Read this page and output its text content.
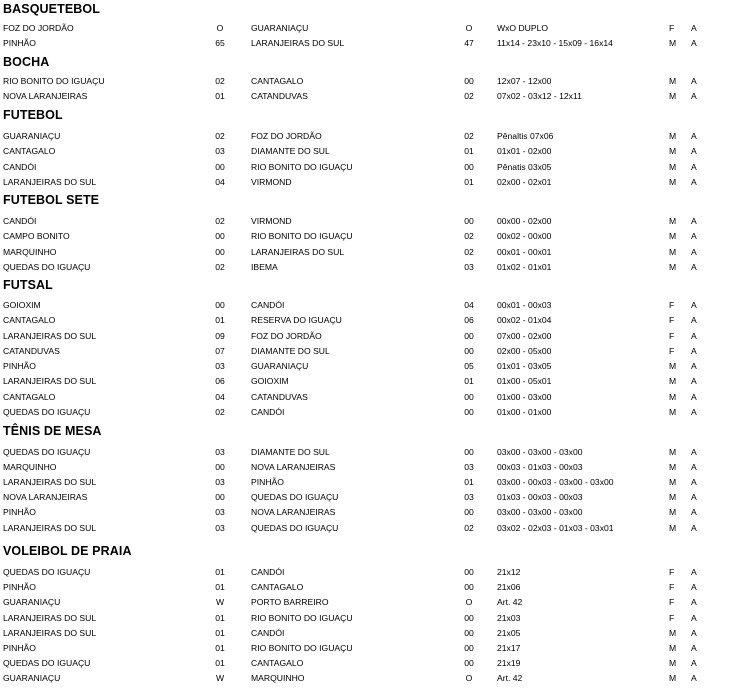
BASQUETEBOL
FOZ DO JORDÃO	O	GUARANIAÇU	O	WxO DUPLO	F A
PINHÃO	65	LARANJEIRAS DO SUL	47	11x14 - 23x10 - 15x09 - 16x14	M A
BOCHA
RIO BONITO DO IGUAÇU	02	CANTAGALO	00	12x07 - 12x00	M A
NOVA LARANJEIRAS	01	CATANDUVAS	02	07x02 - 03x12 - 12x11	M A
FUTEBOL
GUARANIAÇU	02	FOZ DO JORDÃO	02	Pênaltis 07x06	M A
CANTAGALO	03	DIAMANTE DO SUL	01	01x01 - 02x00	M A
CANDÓI	00	RIO BONITO DO IGUAÇU	00	Pênatis 03x05	M A
LARANJEIRAS DO SUL	04	VIRMOND	01	02x00 - 02x01	M A
FUTEBOL SETE
CANDÓI	02	VIRMOND	00	00x00 - 02x00	M A
CAMPO BONITO	00	RIO BONITO DO IGUAÇU	02	00x02 - 00x00	M A
MARQUINHO	00	LARANJEIRAS DO SUL	02	00x01 - 00x01	M A
QUEDAS DO IGUAÇU	02	IBEMA	03	01x02 - 01x01	M A
FUTSAL
GOIOXIM	00	CANDÓI	04	00x01 - 00x03	F A
CANTAGALO	01	RESERVA DO IGUAÇU	06	00x02 - 01x04	F A
LARANJEIRAS DO SUL	09	FOZ DO JORDÃO	00	07x00 - 02x00	F A
CATANDUVAS	07	DIAMANTE DO SUL	00	02x00 - 05x00	F A
PINHÃO	03	GUARANIAÇU	05	01x01 - 03x05	M A
LARANJEIRAS DO SUL	06	GOIOXIM	01	01x00 - 05x01	M A
CANTAGALO	04	CATANDUVAS	00	01x00 - 03x00	M A
QUEDAS DO IGUAÇU	02	CANDÓI	00	01x00 - 01x00	M A
TÊNIS DE MESA
QUEDAS DO IGUAÇU	03	DIAMANTE DO SUL	00	03x00 - 03x00 - 03x00	M A
MARQUINHO	00	NOVA LARANJEIRAS	03	00x03 - 01x03 - 00x03	M A
LARANJEIRAS DO SUL	03	PINHÃO	01	03x00 - 00x03 - 03x00 - 03x00	M A
NOVA LARANJEIRAS	00	QUEDAS DO IGUAÇU	03	01x03 - 00x03 - 00x03	M A
PINHÃO	03	NOVA LARANJEIRAS	00	03x00 - 03x00 - 03x00	M A
LARANJEIRAS DO SUL	03	QUEDAS DO IGUAÇU	02	03x02 - 02x03 - 01x03 - 03x01	M A
VOLEIBOL DE PRAIA
QUEDAS DO IGUAÇU	01	CANDÓI	00	21x12	F A
PINHÃO	01	CANTAGALO	00	21x06	F A
GUARANIAÇU	W	PORTO BARREIRO	O	Art. 42	F A
LARANJEIRAS DO SUL	01	RIO BONITO DO IGUAÇU	00	21x03	F A
LARANJEIRAS DO SUL	01	CANDÓI	00	21x05	M A
PINHÃO	01	RIO BONITO DO IGUAÇU	00	21x17	M A
QUEDAS DO IGUAÇU	01	CANTAGALO	00	21x19	M A
GUARANIAÇU	W	MARQUINHO	O	Art. 42	M A
